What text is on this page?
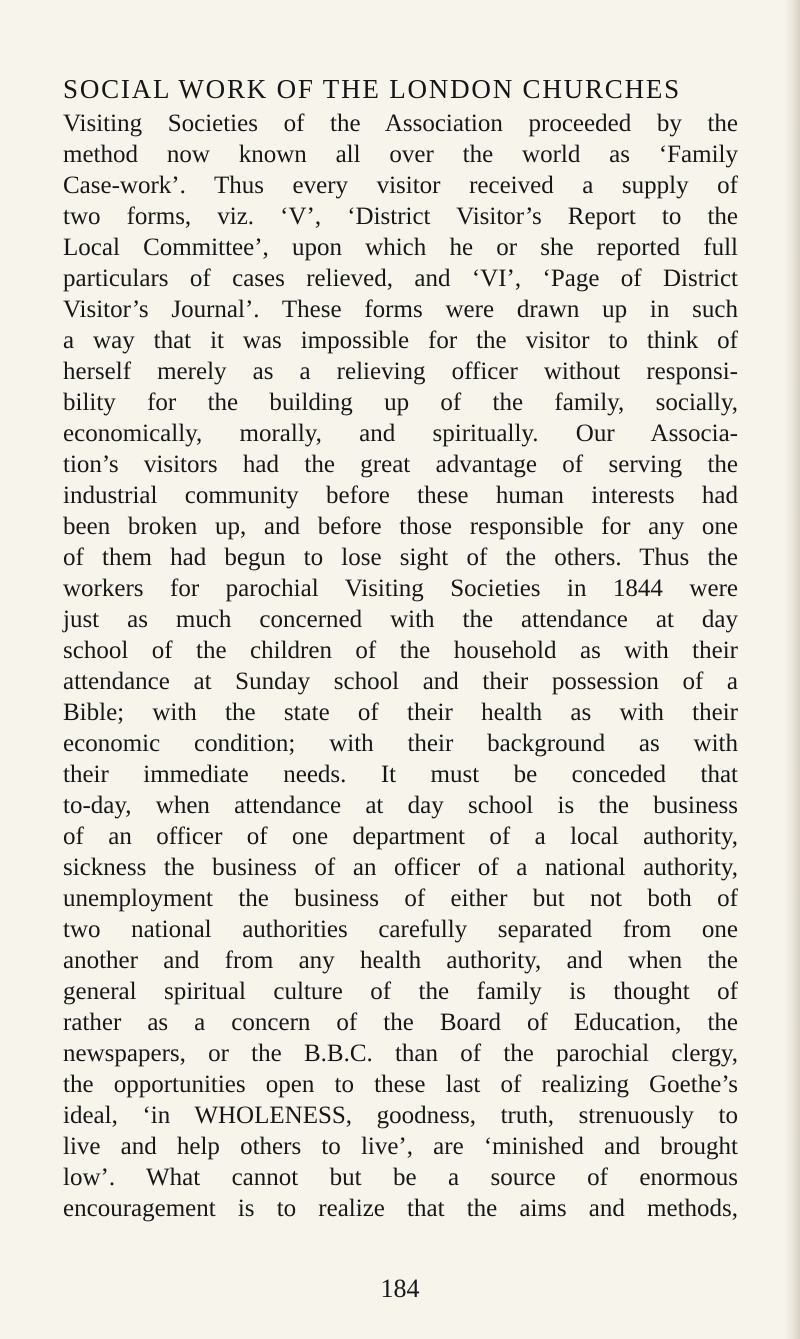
SOCIAL WORK OF THE LONDON CHURCHES
Visiting Societies of the Association proceeded by the
method now known all over the world as ‘Family
Case-work’. Thus every visitor received a supply of
two forms, viz. ‘V’, ‘District Visitor’s Report to the
Local Committee’, upon which he or she reported full
particulars of cases relieved, and ‘VI’, ‘Page of District
Visitor’s Journal’. These forms were drawn up in such
a way that it was impossible for the visitor to think of
herself merely as a relieving officer without responsi-
bility for the building up of the family, socially,
economically, morally, and spiritually. Our Associa-
tion’s visitors had the great advantage of serving the
industrial community before these human interests had
been broken up, and before those responsible for any one
of them had begun to lose sight of the others. Thus the
workers for parochial Visiting Societies in 1844 were
just as much concerned with the attendance at day
school of the children of the household as with their
attendance at Sunday school and their possession of a
Bible; with the state of their health as with their
economic condition; with their background as with
their immediate needs. It must be conceded that
to-day, when attendance at day school is the business
of an officer of one department of a local authority,
sickness the business of an officer of a national authority,
unemployment the business of either but not both of
two national authorities carefully separated from one
another and from any health authority, and when the
general spiritual culture of the family is thought of
rather as a concern of the Board of Education, the
newspapers, or the B.B.C. than of the parochial clergy,
the opportunities open to these last of realizing Goethe’s
ideal, ‘in WHOLENESS, goodness, truth, strenuously to
live and help others to live’, are ‘minished and brought
low’. What cannot but be a source of enormous
encouragement is to realize that the aims and methods,
184
